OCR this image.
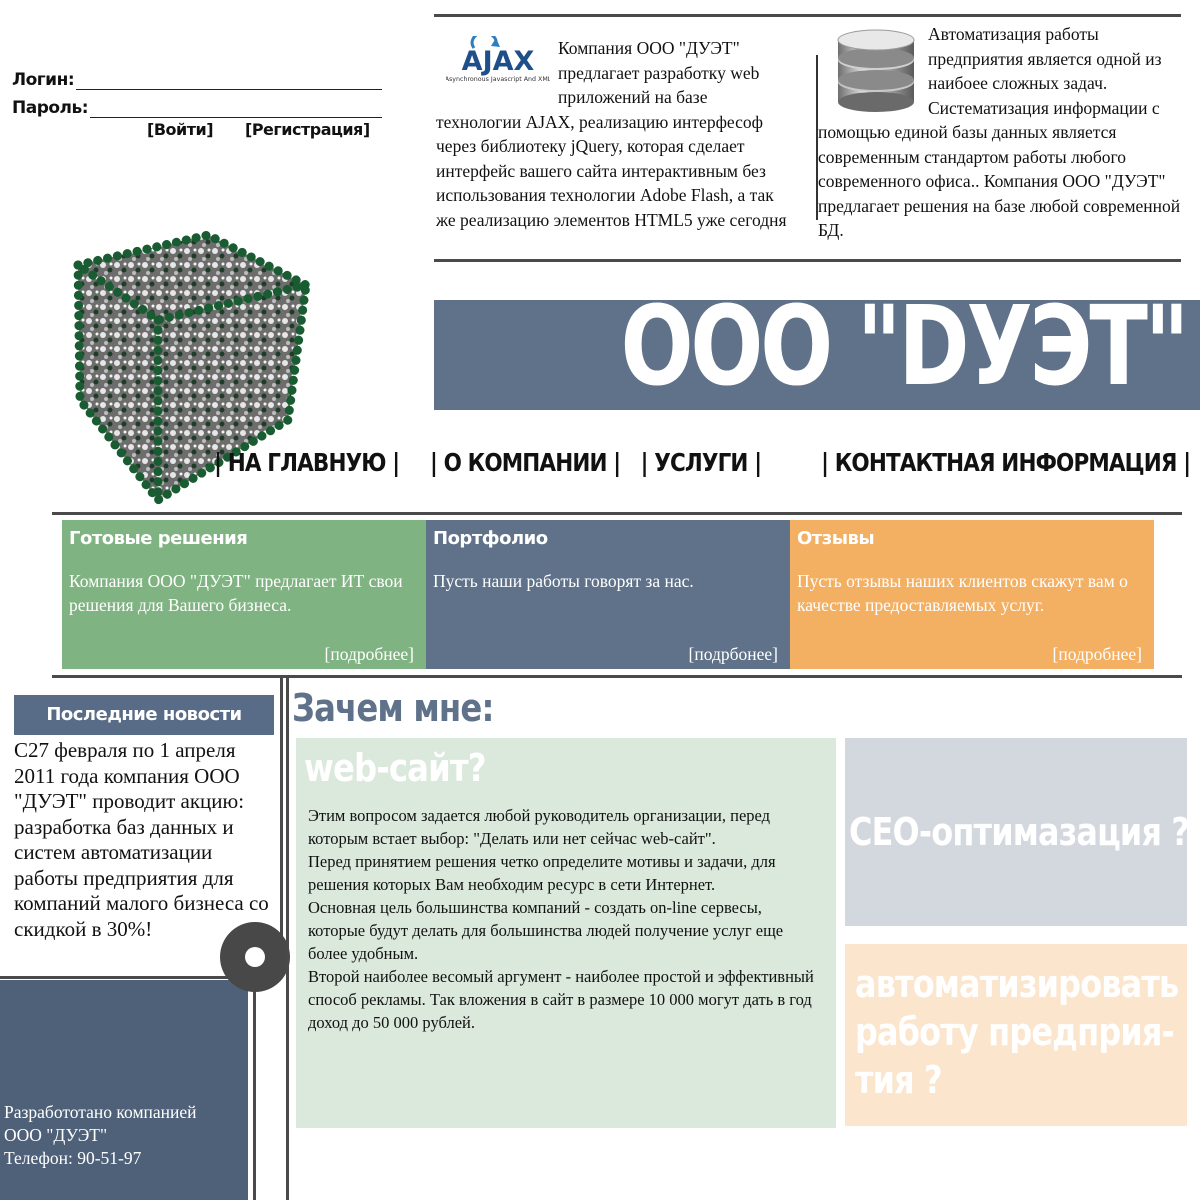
Логин:
Пароль:
[Войти] [Регистрация]
AJAX
Asynchronous Javascript And XML
Компания ООО "ДУЭТ" предлагает разработку web приложений на базе технологии AJAX, реализацию интерфесоф через библиотеку jQuery, которая сделает интерфейс вашего сайта интерактивным без использования технологии Adobe Flash, а так же реализацию элементов HTML5 уже сегодня
Автоматизация работы предприятия является одной из наибоее сложных задач. Систематизация информации с помощью единой базы данных является современным стандартом работы любого современного офиса.. Компания ООО "ДУЭТ" предлагает решения на базе любой современной БД.
ООО "DУЭТ"
| НА ГЛАВНУЮ | | О КОМПАНИИ | | УСЛУГИ | | КОНТАКТНАЯ ИНФОРМАЦИЯ |
Готовые решения

Компания ООО "ДУЭТ" предлагает ИТ свои решения для Вашего бизнеса.

[подробнее]
Портфолио

Пусть наши работы говорят за нас.

[подрбонее]
Отзывы

Пусть отзывы наших клиентов скажут вам о качестве предоставляемых услуг.

[подробнее]
Последние новости
С27 февраля по 1 апреля 2011 года компания ООО "ДУЭТ" проводит акцию: разработка баз данных и систем автоматизации работы предприятия для компаний малого бизнеса со скидкой в 30%!
Разработотано компанией
ООО "ДУЭТ"
Телефон: 90-51-97
Зачем мне:
web-сайт?
Этим вопросом задается любой руководитель организации, перед которым встает выбор: "Делать или нет сейчас web-сайт".
Перед принятием решения четко определите мотивы и задачи, для решения которых Вам необходим ресурс в сети Интернет.
Основная цель большинства компаний - создать on-line сервесы, которые будут делать для большинства людей получение услуг еще более удобным.
Второй наиболее весомый аргумент - наиболее простой и эффективный способ рекламы. Так вложения в сайт в размере 10 000 могут дать в год доход до 50 000 рублей.
СЕО-оптимазация ?
автоматизировать работу предприя-тия ?
